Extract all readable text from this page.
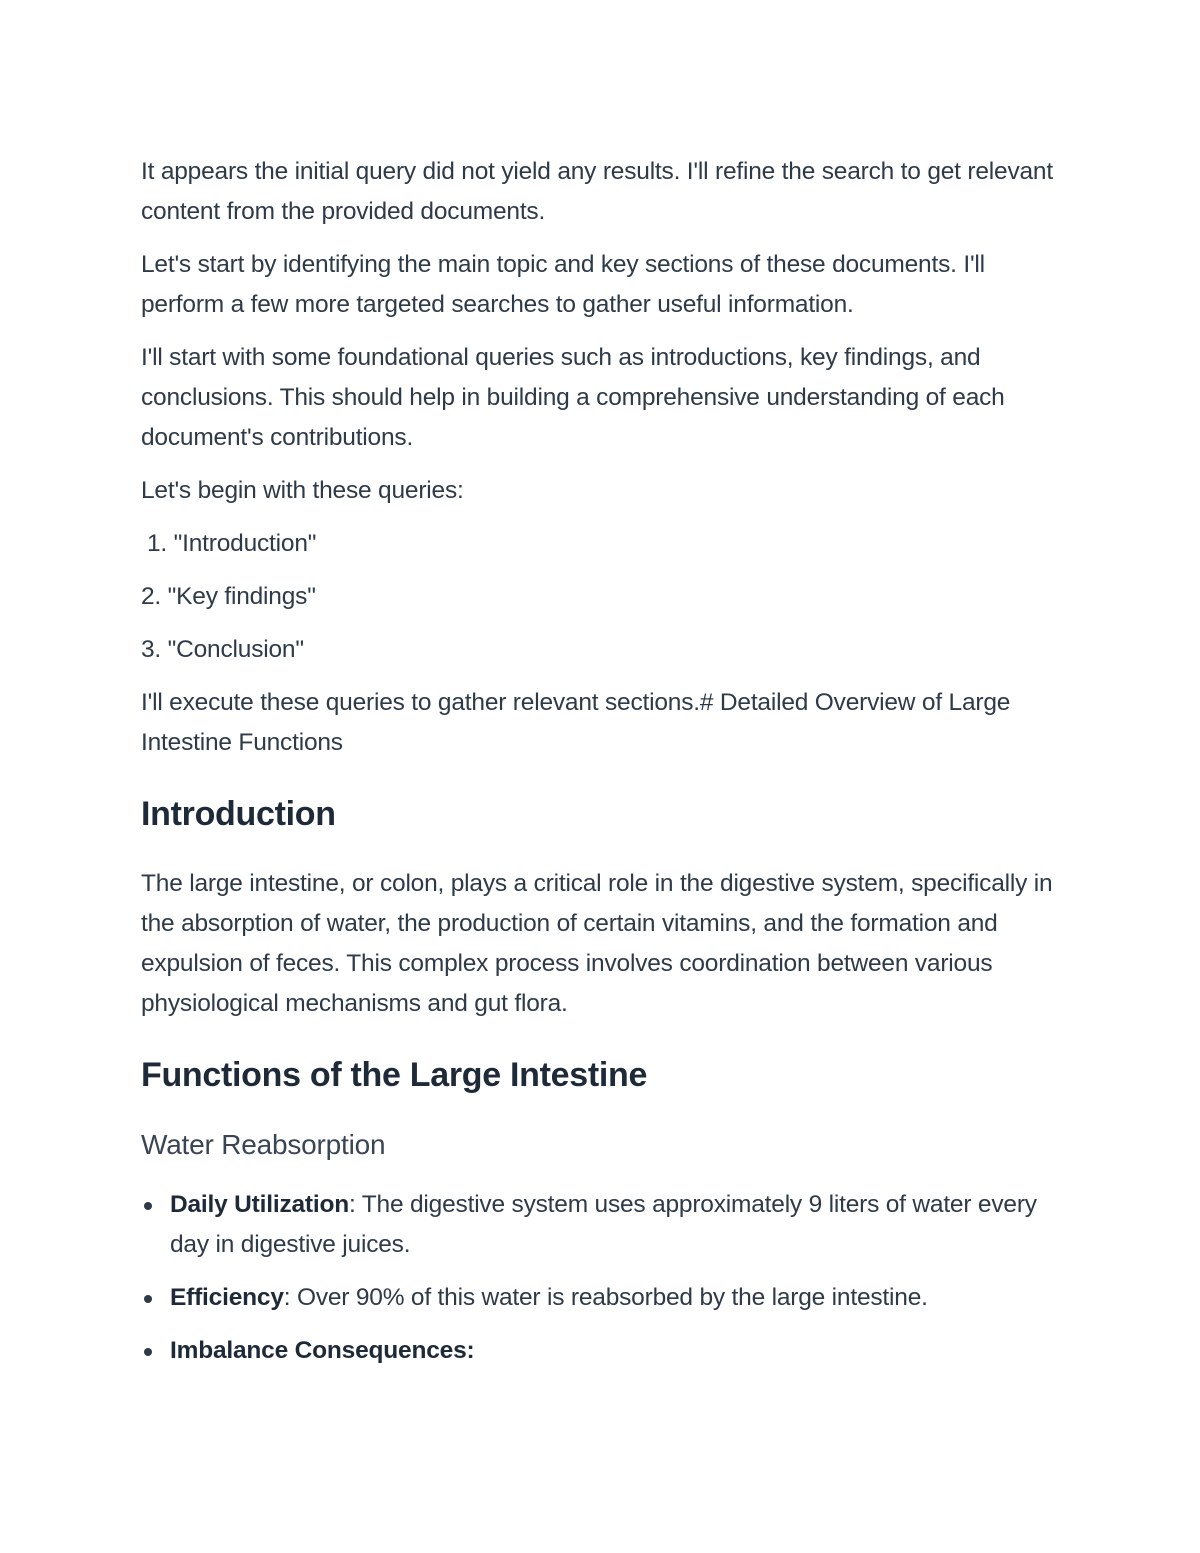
It appears the initial query did not yield any results. I'll refine the search to get relevant content from the provided documents.

Let's start by identifying the main topic and key sections of these documents. I'll perform a few more targeted searches to gather useful information.

I'll start with some foundational queries such as introductions, key findings, and conclusions. This should help in building a comprehensive understanding of each document's contributions.

Let's begin with these queries:

1. "Introduction"
2. "Key findings"
3. "Conclusion"

I'll execute these queries to gather relevant sections.# Detailed Overview of Large Intestine Functions

Introduction

The large intestine, or colon, plays a critical role in the digestive system, specifically in the absorption of water, the production of certain vitamins, and the formation and expulsion of feces. This complex process involves coordination between various physiological mechanisms and gut flora.

Functions of the Large Intestine
Water Reabsorption
Daily Utilization: The digestive system uses approximately 9 liters of water every day in digestive juices.
Efficiency: Over 90% of this water is reabsorbed by the large intestine.
Imbalance Consequences:
